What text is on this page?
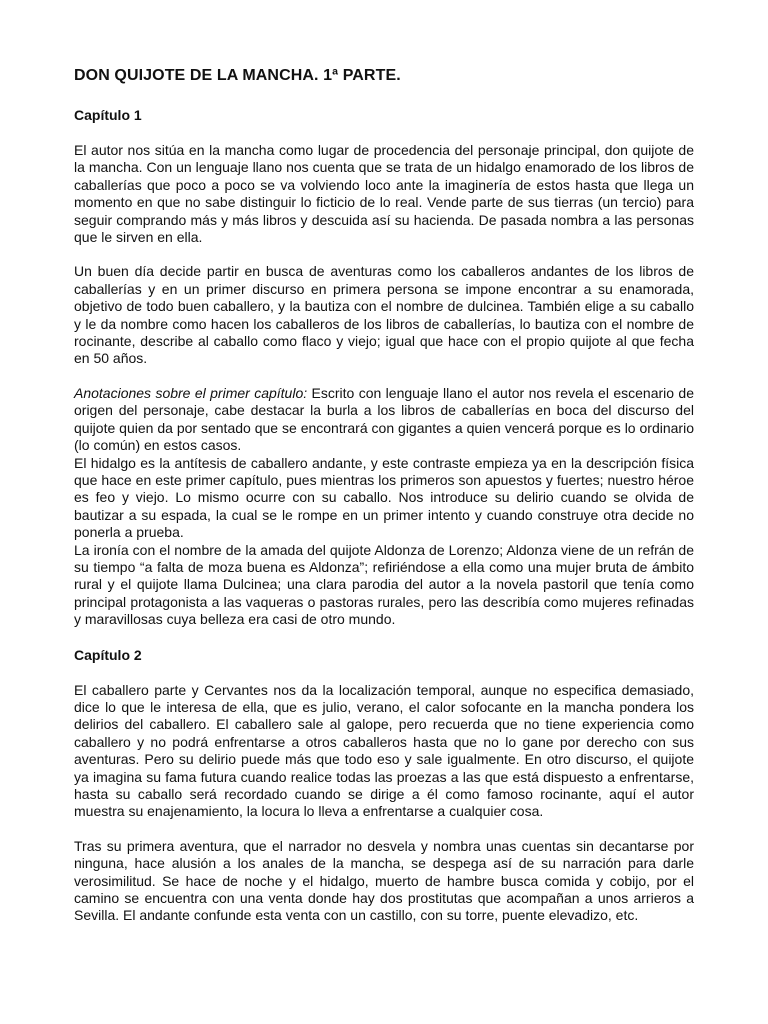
DON QUIJOTE DE LA MANCHA. 1ª PARTE.
Capítulo 1

El autor nos sitúa en la mancha como lugar de procedencia del personaje principal, don quijote de la mancha. Con un lenguaje llano nos cuenta que se trata de un hidalgo enamorado de los libros de caballerías que poco a poco se va volviendo loco ante la imaginería de estos hasta que llega un momento en que no sabe distinguir lo ficticio de lo real. Vende parte de sus tierras (un tercio) para seguir comprando más y más libros y descuida así su hacienda. De pasada nombra a las personas que le sirven en ella.

Un buen día decide partir en busca de aventuras como los caballeros andantes de los libros de caballerías y en un primer discurso en primera persona se impone encontrar a su enamorada, objetivo de todo buen caballero, y la bautiza con el nombre de dulcinea. También elige a su caballo y le da nombre como hacen los caballeros de los libros de caballerías, lo bautiza con el nombre de rocinante, describe al caballo como flaco y viejo; igual que hace con el propio quijote al que fecha en 50 años.

Anotaciones sobre el primer capítulo: Escrito con lenguaje llano el autor nos revela el escenario de origen del personaje, cabe destacar la burla a los libros de caballerías en boca del discurso del quijote quien da por sentado que se encontrará con gigantes a quien vencerá porque es lo ordinario (lo común) en estos casos.

El hidalgo es la antítesis de caballero andante, y este contraste empieza ya en la descripción física que hace en este primer capítulo, pues mientras los primeros son apuestos y fuertes; nuestro héroe es feo y viejo. Lo mismo ocurre con su caballo. Nos introduce su delirio cuando se olvida de bautizar a su espada, la cual se le rompe en un primer intento y cuando construye otra decide no ponerla a prueba.

La ironía con el nombre de la amada del quijote Aldonza de Lorenzo; Aldonza viene de un refrán de su tiempo “a falta de moza buena es Aldonza”; refiriéndose a ella como una mujer bruta de ámbito rural y el quijote llama Dulcinea; una clara parodia del autor a la novela pastoril que tenía como principal protagonista a las vaqueras o pastoras rurales, pero las describía como mujeres refinadas y maravillosas cuya belleza era casi de otro mundo.

Capítulo 2

El caballero parte y Cervantes nos da la localización temporal, aunque no especifica demasiado, dice lo que le interesa de ella, que es julio, verano, el calor sofocante en la mancha pondera los delirios del caballero. El caballero sale al galope, pero recuerda que no tiene experiencia como caballero y no podrá enfrentarse a otros caballeros hasta que no lo gane por derecho con sus aventuras. Pero su delirio puede más que todo eso y sale igualmente. En otro discurso, el quijote ya imagina su fama futura cuando realice todas las proezas a las que está dispuesto a enfrentarse, hasta su caballo será recordado cuando se dirige a él como famoso rocinante, aquí el autor muestra su enajenamiento, la locura lo lleva a enfrentarse a cualquier cosa.

Tras su primera aventura, que el narrador no desvela y nombra unas cuentas sin decantarse por ninguna, hace alusión a los anales de la mancha, se despega así de su narración para darle verosimilitud. Se hace de noche y el hidalgo, muerto de hambre busca comida y cobijo, por el camino se encuentra con una venta donde hay dos prostitutas que acompañan a unos arrieros a Sevilla. El andante confunde esta venta con un castillo, con su torre, puente elevadizo, etc.
